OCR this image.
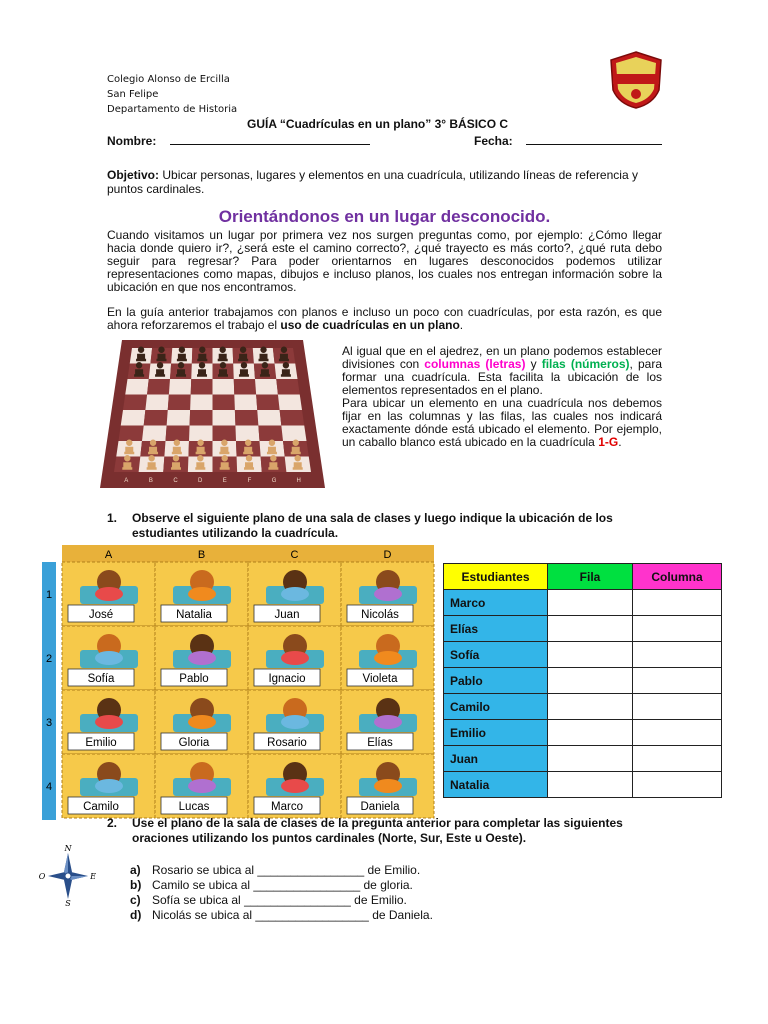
Colegio Alonso de Ercilla
San Felipe
Departamento de Historia
GUÍA “Cuadrículas en un plano” 3° BÁSICO C
Nombre:	Fecha:
Objetivo: Ubicar personas, lugares y elementos en una cuadrícula, utilizando líneas de referencia y puntos cardinales.
Orientándonos en un lugar desconocido.
Cuando visitamos un lugar por primera vez nos surgen preguntas como, por ejemplo: ¿Cómo llegar hacia donde quiero ir?, ¿será este el camino correcto?, ¿qué trayecto es más corto?, ¿qué ruta debo seguir para regresar? Para poder orientarnos en lugares desconocidos podemos utilizar representaciones como mapas, dibujos e incluso planos, los cuales nos entregan información sobre la ubicación en que nos encontramos.
En la guía anterior trabajamos con planos e incluso un poco con cuadrículas, por esta razón, es que ahora reforzaremos el trabajo el uso de cuadrículas en un plano.
A	B	C	D	E	F	G	H
Al igual que en el ajedrez, en un plano podemos establecer divisiones con columnas (letras) y filas (números), para formar una cuadrícula. Esta facilita la ubicación de los elementos representados en el plano.
Para ubicar un elemento en una cuadrícula nos debemos fijar en las columnas y las filas, las cuales nos indicará exactamente dónde está ubicado el elemento. Por ejemplo, un caballo blanco está ubicado en la cuadrícula 1-G.
1. Observe el siguiente plano de una sala de clases y luego indique la ubicación de los estudiantes utilizando la cuadrícula.
A	B	C	D
1
2
3
4
José	Natalia	Juan	Nicolás
Sofía	Pablo	Ignacio	Violeta
Emilio	Gloria	Rosario	Elías
Camilo	Lucas	Marco	Daniela
Estudiantes	Fila	Columna
Marco		
Elías		
Sofía		
Pablo		
Camilo		
Emilio		
Juan		
Natalia		
2. Use el plano de la sala de clases de la pregunta anterior para completar las siguientes oraciones utilizando los puntos cardinales (Norte, Sur, Este u Oeste).
N
S
O	E	a) Rosario se ubica al ________________ de Emilio.
b) Camilo se ubica al ________________ de gloria.
c) Sofía se ubica al ________________ de Emilio.
d) Nicolás se ubica al _________________ de Daniela.
